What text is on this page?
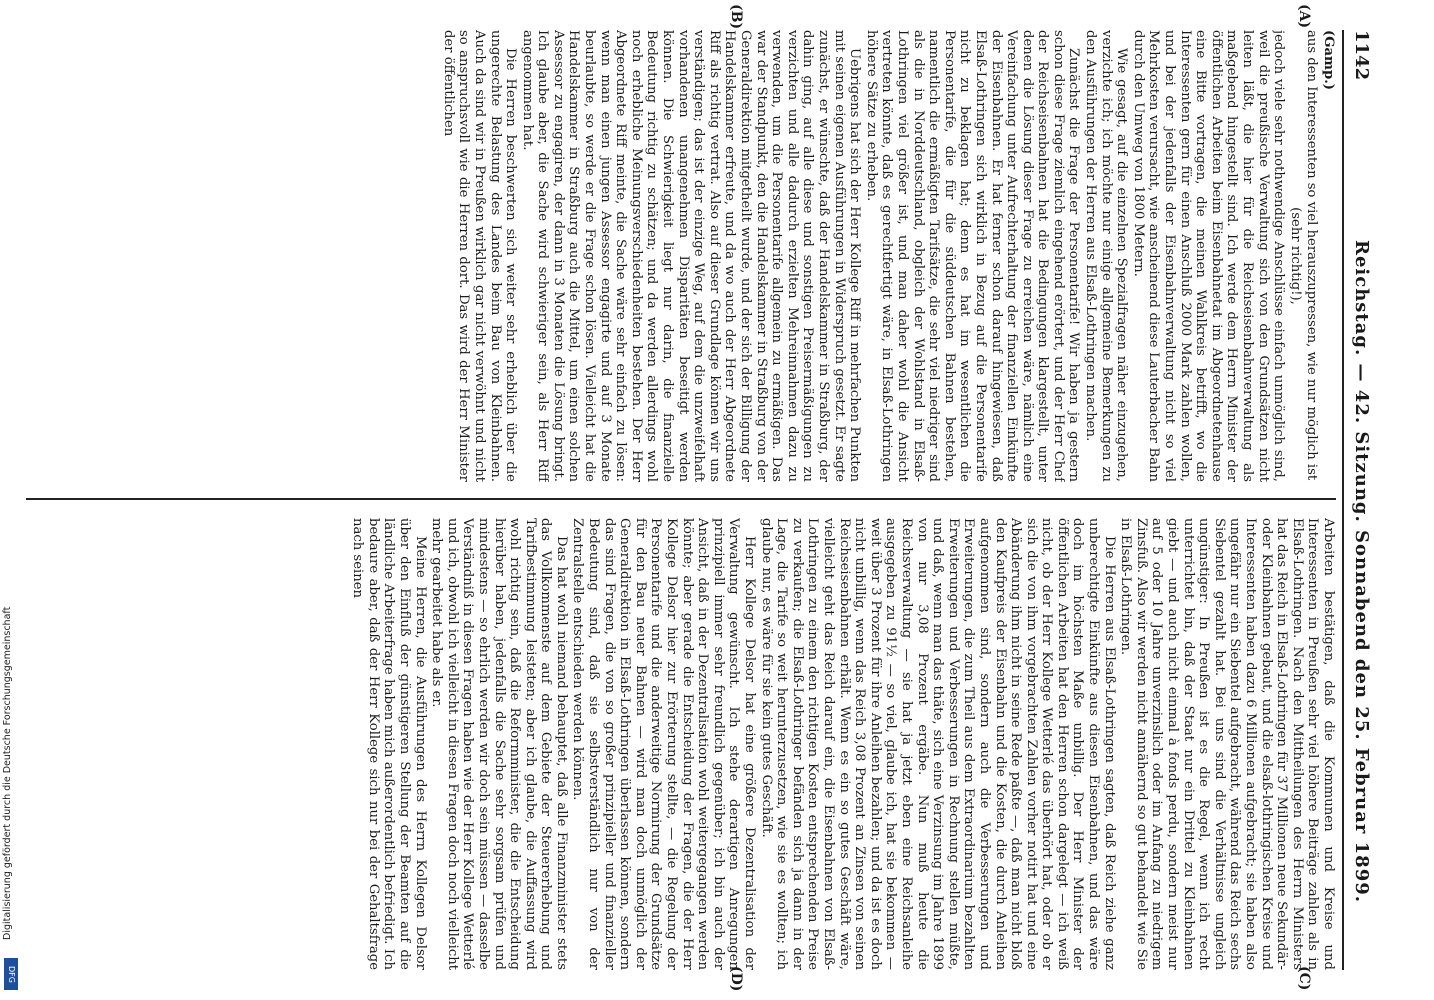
1142
Reichstag. — 42. Sitzung. Sonnabend den 25. Februar 1899.
(A)
(B)
(C)
(D)

(Gamp.)

aus den Interessenten so viel herauszupressen, wie nur möglich ist

(sehr richtig!),

jedoch viele sehr nothwendige Anschlüsse einfach unmöglich sind, weil die preußische Verwaltung sich von den Grundsätzen nicht leiten läßt, die hier für die Reichseisenbahnverwaltung als maßgebend hingestellt sind. Ich werde dem Herrn Minister der öffentlichen Arbeiten beim Eisenbahnetat im Abgeordnetenhause eine Bitte vortragen, die meinen Wahlkreis betrifft, wo die Interessenten gern für einen Anschluß 2000 Mark zahlen wollen, und bei der jedenfalls der Eisenbahnverwaltung nicht so viel Mehrkosten verursacht, wie anscheinend diese Lauterbacher Bahn durch den Umweg von 1800 Metern.

Wie gesagt, auf die einzelnen Spezialfragen näher einzugehen, verzichte ich; ich möchte nur einige allgemeine Bemerkungen zu den Ausführungen der Herren aus Elsaß-Lothringen machen.

Zunächst die Frage der Personentarife! Wir haben ja gestern schon diese Frage ziemlich eingehend erörtert, und der Herr Chef der Reichseisenbahnen hat die Bedingungen klargestellt, unter denen die Lösung dieser Frage zu erreichen wäre, nämlich eine Vereinfachung unter Aufrechterhaltung der finanziellen Einkünfte der Eisenbahnen. Er hat ferner schon darauf hingewiesen, daß Elsaß-Lothringen sich wirklich in Bezug auf die Personentarife nicht zu beklagen hat; denn es hat im wesentlichen die Personentarife, die für die süddeutschen Bahnen bestehen, namentlich die ermäßigten Tarifsätze, die sehr viel niedriger sind als die in Norddeutschland, obgleich der Wohlstand in Elsaß-Lothringen viel größer ist, und man daher wohl die Ansicht vertreten könnte, daß es gerechtfertigt wäre, in Elsaß-Lothringen höhere Sätze zu erheben.

Uebrigens hat sich der Herr Kollege Riff in mehrfachen Punkten mit seinen eigenen Ausführungen in Widerspruch gesetzt. Er sagte zunächst, er wünschte, daß der Handelskammer in Straßburg, der dahin ging, auf alle diese und sonstigen Preisermäßigungen zu verzichten und alle dadurch erzielten Mehreinnahmen dazu zu verwenden, um die Personentarife allgemein zu ermäßigen. Das war der Standpunkt, den die Handelskammer in Straßburg von der Generaldirektion mitgetheilt wurde, und der sich der Billigung der Handelskammer erfreute, und da wo auch der Herr Abgeordnete Riff als richtig vertrat. Also auf dieser Grundlage können wir uns verständigen; das ist der einzige Weg, auf dem die unzweifelhaft vorhandenen unangenehmen Disparitäten beseitigt werden können. Die Schwierigkeit liegt nur darin, die finanzielle Bedeutung richtig zu schätzen; und da werden allerdings wohl noch erhebliche Meinungsverschiedenheiten bestehen. Der Herr Abgeordnete Riff meinte, die Sache wäre sehr einfach zu lösen: wenn man einen jungen Assessor engagirte und auf 3 Monate beurlaubte, so werde er die Frage schon lösen. Vielleicht hat die Handelskammer in Straßburg auch die Mittel, um einen solchen Assessor zu engagiren, der dann in 3 Monaten die Lösung bringt. Ich glaube aber, die Sache wird schwieriger sein, als Herr Riff angenommen hat.

Die Herren beschwerten sich weiter sehr erheblich über die ungerechte Belastung des Landes beim Bau von Kleinbahnen. Auch da sind wir in Preußen wirklich gar nicht verwöhnt und nicht so anspruchsvoll wie die Herren dort. Das wird der Herr Minister der öffentlichen

Arbeiten bestätigen, daß die Kommunen und Kreise und Interessenten in Preußen sehr viel höhere Beiträge zahlen als in Elsaß-Lothringen. Nach den Mittheilungen des Herrn Ministers hat das Reich in Elsaß-Lothringen für 37 Millionen neue Sekundär- oder Kleinbahnen gebaut, und die elsaß-lothringischen Kreise und Interessenten haben dazu 6 Millionen aufgebracht; sie haben also ungefähr nur ein Siebentel aufgebracht, während das Reich sechs Siebentel gezahlt hat. Bei uns sind die Verhältnisse ungleich ungünstiger: In Preußen ist es die Regel, wenn ich recht unterrichtet bin, daß der Staat nur ein Drittel zu Kleinbahnen giebt — und auch nicht einmal à fonds perdu, sondern meist nur auf 5 oder 10 Jahre unverzinslich oder im Anfang zu niedrigem Zinsfuß. Also wir werden nicht annähernd so gut behandelt wie Sie in Elsaß-Lothringen.

Die Herren aus Elsaß-Lothringen sagten, daß Reich ziehe ganz unberechtigte Einkünfte aus diesen Eisenbahnen, und das wäre doch im höchsten Maße unbillig. Der Herr Minister der öffentlichen Arbeiten hat den Herren schon dargelegt — ich weiß nicht, ob der Herr Kollege Wetterlé das überhört hat, oder ob er sich die von ihm vorgebrachten Zahlen vorher notirt hat und eine Abänderung ihm nicht in seine Rede paßte —, daß man nicht bloß den Kaufpreis der Eisenbahn und die Kosten, die durch Anleihen aufgenommen sind, sondern auch die Verbesserungen und Erweiterungen, die zum Theil aus dem Extraordinarium bezahlten Erweiterungen und Verbesserungen in Rechnung stellen müßte, und daß, wenn man das thäte, sich eine Verzinsung im Jahre 1899 von nur 3,08 Prozent ergäbe. Nun muß heute die Reichsverwaltung — sie hat ja jetzt eben eine Reichsanleihe ausgegeben zu 91½ — so viel, glaube ich, hat sie bekommen — weit über 3 Prozent für ihre Anleihen bezahlen; und da ist es doch nicht unbillig, wenn das Reich 3,08 Prozent an Zinsen von seinen Reichseisenbahnen erhält. Wenn es ein so gutes Geschäft wäre, vielleicht geht das Reich darauf ein, die Eisenbahnen von Elsaß-Lothringen zu einem den richtigen Kosten entsprechenden Preise zu verkaufen; die Elsaß-Lothringer befänden sich ja dann in der Lage, die Tarife so weit herunterzusetzen, wie sie es wollten; ich glaube nur, es wäre für sie kein gutes Geschäft.

Herr Kollege Delsor hat eine größere Dezentralisation der Verwaltung gewünscht. Ich stehe derartigen Anregungen prinzipiell immer sehr freundlich gegenüber; ich bin auch der Ansicht, daß in der Dezentralisation wohl weitergegangen werden könnte; aber gerade die Entscheidung der Fragen, die der Herr Kollege Delsor hier zur Erörterung stellte, — die Regelung der Personentarife und die anderweitige Normirung der Grundsätze für den Bau neuer Bahnen — wird man doch unmöglich der Generaldirektion in Elsaß-Lothringen überlassen können, sondern das sind Fragen, die von so großer prinzipieller und finanzieller Bedeutung sind, daß sie selbstverständlich nur von der Zentralstelle entschieden werden können.

Das hat wohl niemand behauptet, daß alle Finanzminister stets das Vollkommenste auf dem Gebiete der Steuererhebung und Tarifbestimmung leisteten; aber ich glaube, die Auffassung wird wohl richtig sein, daß die Reformminister, die die Entscheidung hierüber haben, jedenfalls die Sache sehr sorgsam prüfen und mindestens — so ehrlich werden wir doch sein müssen — dasselbe Verständniß in diesen Fragen haben wie der Herr Kollege Wetterlé und ich, obwohl ich vielleicht in diesen Fragen doch noch vielleicht mehr gearbeitet habe als er.

Meine Herren, die Ausführungen des Herrn Kollegen Delsor über den Einfluß der günstigeren Stellung der Beamten auf die ländliche Arbeiterfrage haben mich außerordentlich befriedigt. Ich bedaure aber, daß der Herr Kollege sich nur bei der Gehaltsfrage nach seinen

Digitalisierung gefördert durch die Deutsche Forschungsgemeinschaft
DFG
